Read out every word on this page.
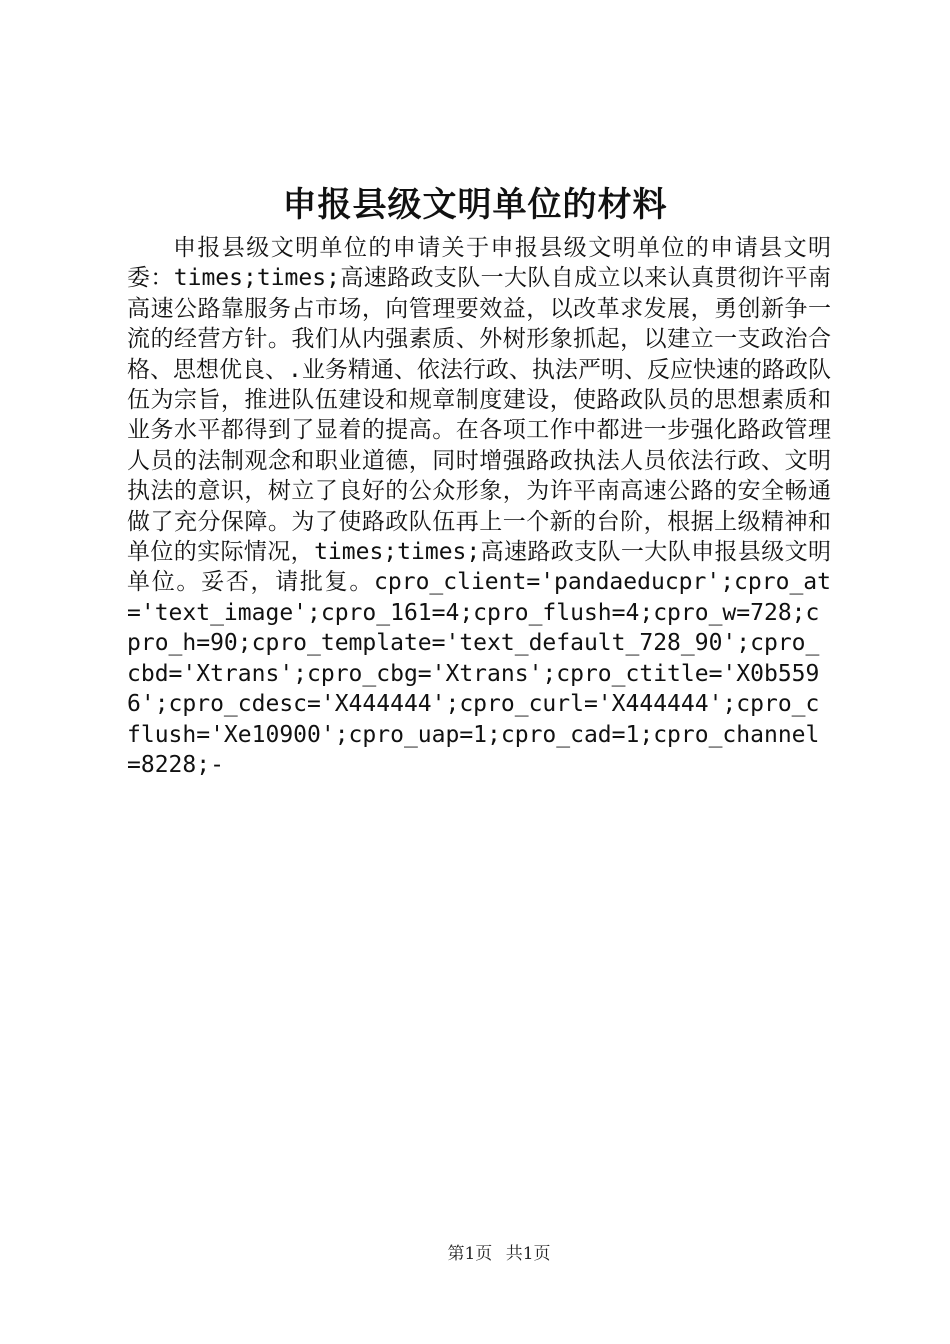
申报县级文明单位的材料

申报县级文明单位的申请关于申报县级文明单位的申请县文明委：times;times;高速路政支队一大队自成立以来认真贯彻许平南高速公路靠服务占市场，向管理要效益，以改革求发展，勇创新争一流的经营方针。我们从内强素质、外树形象抓起，以建立一支政治合格、思想优良、.业务精通、依法行政、执法严明、反应快速的路政队伍为宗旨，推进队伍建设和规章制度建设，使路政队员的思想素质和业务水平都得到了显着的提高。在各项工作中都进一步强化路政管理人员的法制观念和职业道德，同时增强路政执法人员依法行政、文明执法的意识，树立了良好的公众形象，为许平南高速公路的安全畅通做了充分保障。为了使路政队伍再上一个新的台阶，根据上级精神和单位的实际情况，times;times;高速路政支队一大队申报县级文明单位。妥否，请批复。cpro_client='pandaeducpr';cpro_at='text_image';cpro_161=4;cpro_flush=4;cpro_w=728;cpro_h=90;cpro_template='text_default_728_90';cpro_cbd='Xtrans';cpro_cbg='Xtrans';cpro_ctitle='X0b5596';cpro_cdesc='X444444';cpro_curl='X444444';cpro_cflush='Xe10900';cpro_uap=1;cpro_cad=1;cpro_channel=8228;-

第1页 共1页
